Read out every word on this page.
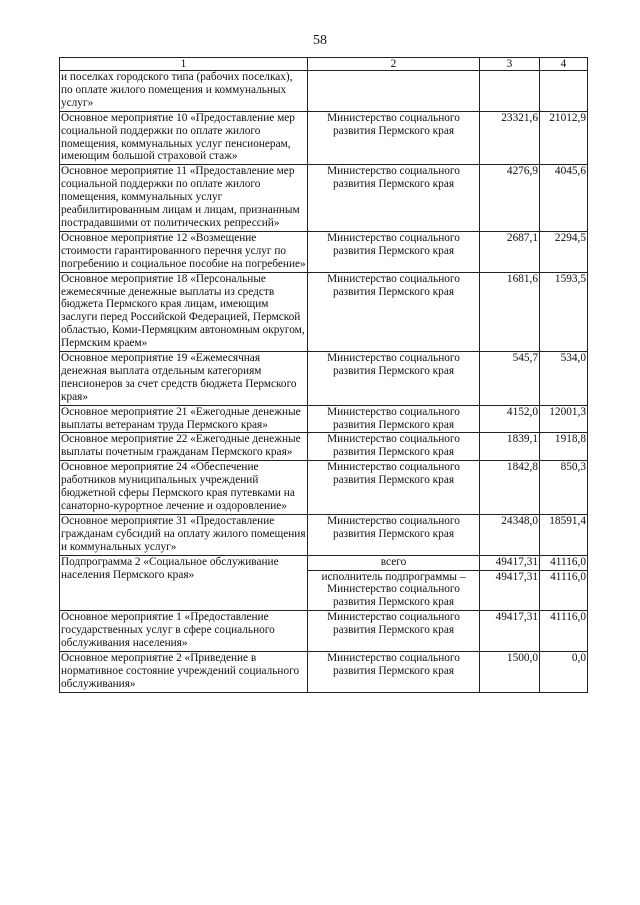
58
1	2	3	4
и поселках городского типа (рабочих поселках), по оплате жилого помещения и коммунальных услуг»			
Основное мероприятие 10 «Предоставление мер социальной поддержки по оплате жилого помещения, коммунальных услуг пенсионерам, имеющим большой страховой стаж»	Министерство социального развития Пермского края	23321,6	21012,9
Основное мероприятие 11 «Предоставление мер социальной поддержки по оплате жилого помещения, коммунальных услуг реабилитированным лицам и лицам, признанным пострадавшими от политических репрессий»	Министерство социального развития Пермского края	4276,9	4045,6
Основное мероприятие 12 «Возмещение стоимости гарантированного перечня услуг по погребению и социальное пособие на погребение»	Министерство социального развития Пермского края	2687,1	2294,5
Основное мероприятие 18 «Персональные ежемесячные денежные выплаты из средств бюджета Пермского края лицам, имеющим заслуги перед Российской Федерацией, Пермской областью, Коми-Пермяцким автономным округом, Пермским краем»	Министерство социального развития Пермского края	1681,6	1593,5
Основное мероприятие 19 «Ежемесячная денежная выплата отдельным категориям пенсионеров за счет средств бюджета Пермского края»	Министерство социального развития Пермского края	545,7	534,0
Основное мероприятие 21 «Ежегодные денежные выплаты ветеранам труда Пермского края»	Министерство социального развития Пермского края	4152,0	12001,3
Основное мероприятие 22 «Ежегодные денежные выплаты почетным гражданам Пермского края»	Министерство социального развития Пермского края	1839,1	1918,8
Основное мероприятие 24 «Обеспечение работников муниципальных учреждений бюджетной сферы Пермского края путевками на санаторно-курортное лечение и оздоровление»	Министерство социального развития Пермского края	1842,8	850,3
Основное мероприятие 31 «Предоставление гражданам субсидий на оплату жилого помещения и коммунальных услуг»	Министерство социального развития Пермского края	24348,0	18591,4
Подпрограмма 2 «Социальное обслуживание населения Пермского края»	всего	49417,31	41116,0
	исполнитель подпрограммы – Министерство социального развития Пермского края	49417,31	41116,0
Основное мероприятие 1 «Предоставление государственных услуг в сфере социального обслуживания населения»	Министерство социального развития Пермского края	49417,31	41116,0
Основное мероприятие 2 «Приведение в нормативное состояние учреждений социального обслуживания»	Министерство социального развития Пермского края	1500,0	0,0
